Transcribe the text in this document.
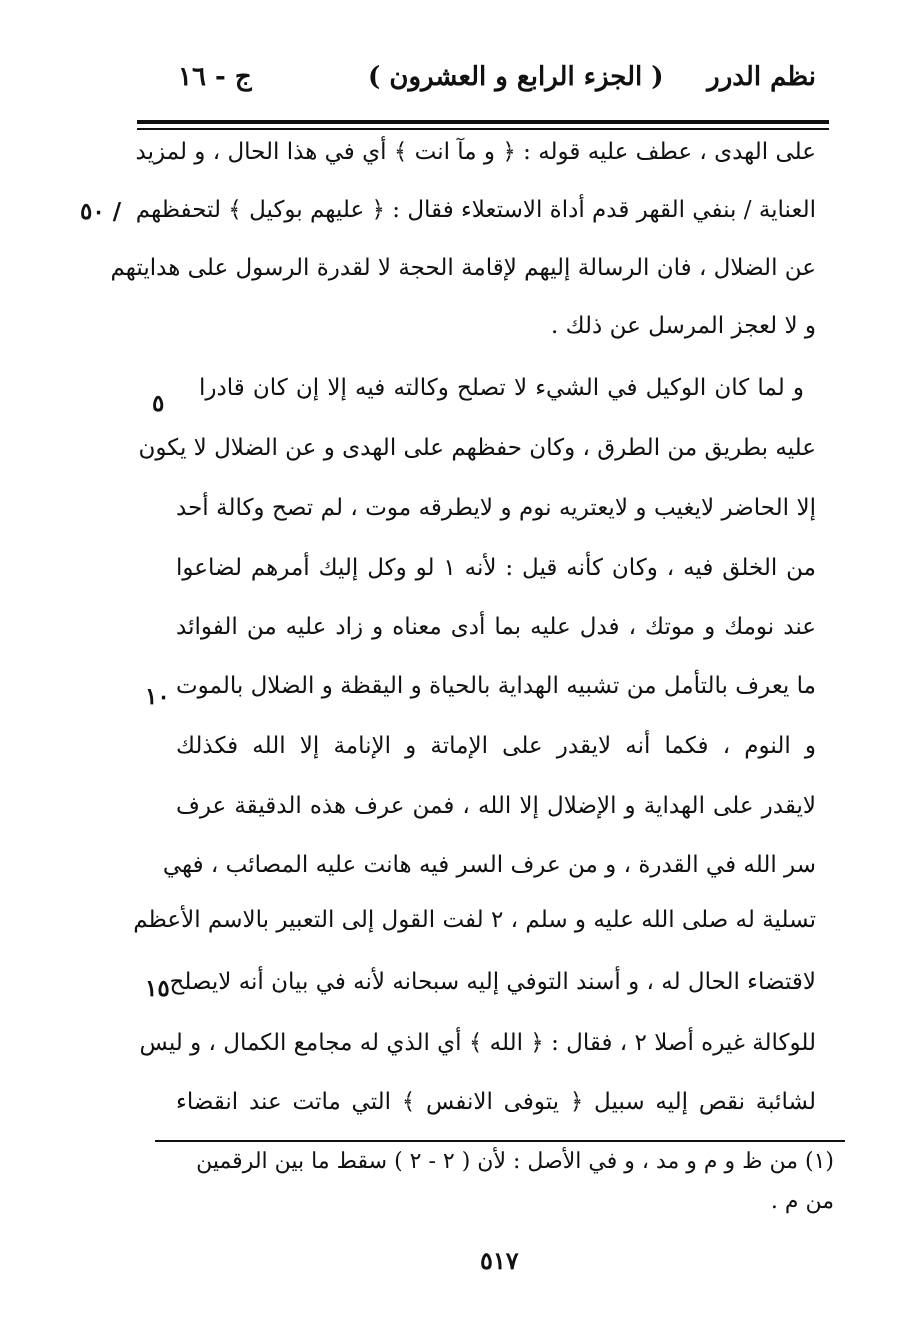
نظم الدرر
( الجزء الرابع و العشرون )
ج - ١٦
٥٠ /
٥
١٠
١٥
على الهدى ، عطف عليه قوله : ﴿ و مآ انت ﴾ أي في هذا الحال ، و لمزيد
العناية / بنفي القهر قدم أداة الاستعلاء فقال : ﴿ عليهم بوكيل ﴾ لتحفظهم
عن الضلال ، فان الرسالة إليهم لإقامة الحجة لا لقدرة الرسول على هدايتهم
و لا لعجز المرسل عن ذلك .
و لما كان الوكيل في الشيء لا تصلح وكالته فيه إلا إن كان قادرا
عليه بطريق من الطرق ، وكان حفظهم على الهدى و عن الضلال لا يكون
إلا الحاضر لايغيب و لايعتريه نوم و لايطرقه موت ، لم تصح وكالة أحد
من الخلق فيه ، وكان كأنه قيل : لأنه ١ لو وكل إليك أمرهم لضاعوا
عند نومك و موتك ، فدل عليه بما أدى معناه و زاد عليه من الفوائد
ما يعرف بالتأمل من تشبيه الهداية بالحياة و اليقظة و الضلال بالموت
و النوم ، فكما أنه لايقدر على الإماتة و الإنامة إلا الله فكذلك
لايقدر على الهداية و الإضلال إلا الله ، فمن عرف هذه الدقيقة عرف
سر الله في القدرة ، و من عرف السر فيه هانت عليه المصائب ، فهي
تسلية له صلى الله عليه و سلم ، ٢ لفت القول إلى التعبير بالاسم الأعظم
لاقتضاء الحال له ، و أسند التوفي إليه سبحانه لأنه في بيان أنه لايصلح
للوكالة غيره أصلا ٢ ، فقال : ﴿ الله ﴾ أي الذي له مجامع الكمال ، و ليس
لشائبة نقص إليه سبيل ﴿ يتوفى الانفس ﴾ التي ماتت عند انقضاء
(١) من ظ و م و مد ، و في الأصل : لأن ( ٢ - ٢ ) سقط ما بين الرقمين
من م .
٥١٧
